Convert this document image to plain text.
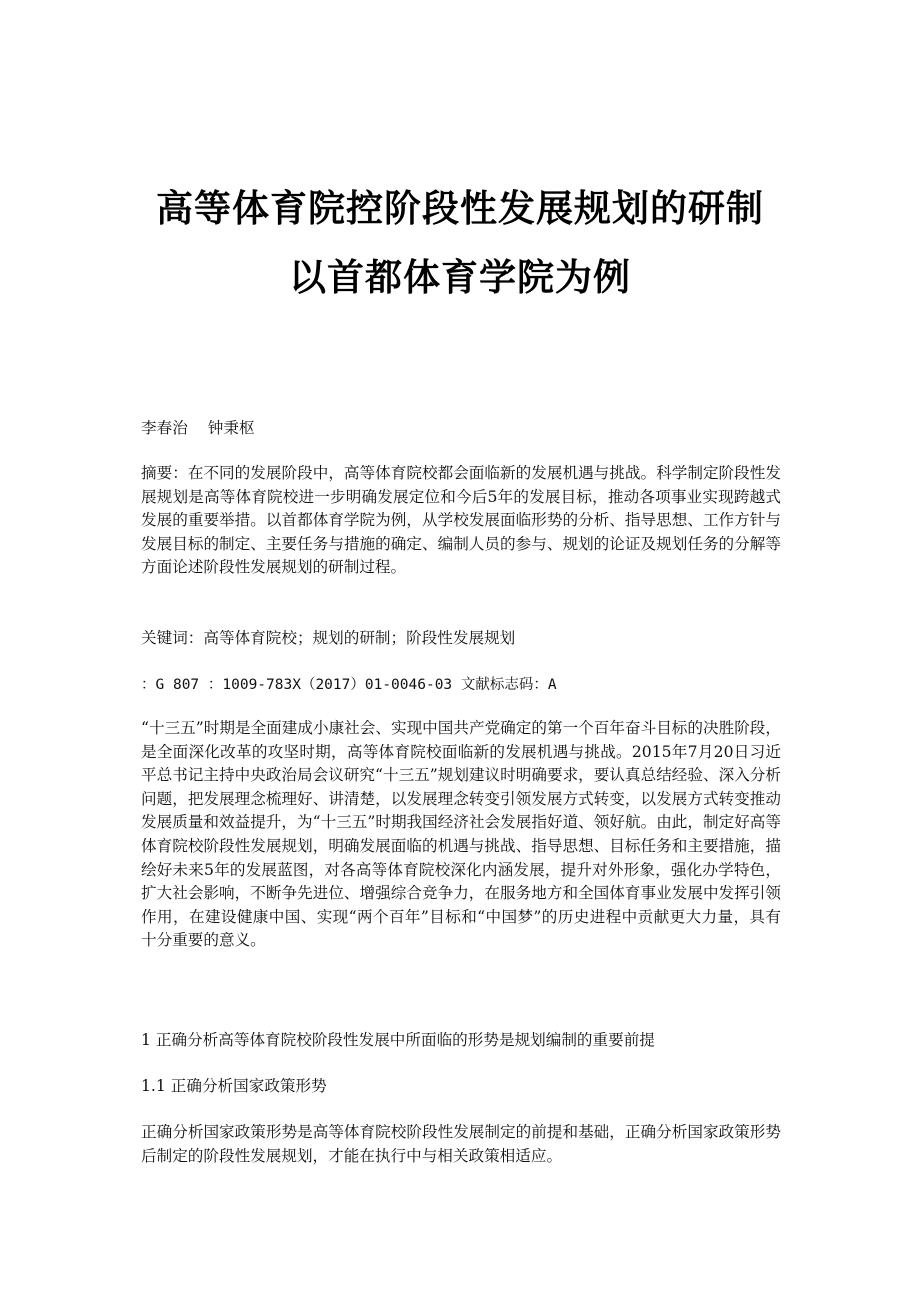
高等体育院控阶段性发展规划的研制
以首都体育学院为例
李春治 钟秉枢
摘要：在不同的发展阶段中，高等体育院校都会面临新的发展机遇与挑战。科学制定阶段性发展规划是高等体育院校进一步明确发展定位和今后5年的发展目标，推动各项事业实现跨越式发展的重要举措。以首都体育学院为例，从学校发展面临形势的分析、指导思想、工作方针与发展目标的制定、主要任务与措施的确定、编制人员的参与、规划的论证及规划任务的分解等方面论述阶段性发展规划的研制过程。
关键词：高等体育院校；规划的研制；阶段性发展规划
：G 807 ：1009-783X（2017）01-0046-03 文献标志码：A
“十三五”时期是全面建成小康社会、实现中国共产党确定的第一个百年奋斗目标的决胜阶段，是全面深化改革的攻坚时期，高等体育院校面临新的发展机遇与挑战。2015年7月20日习近平总书记主持中央政治局会议研究“十三五”规划建议时明确要求，要认真总结经验、深入分析问题，把发展理念梳理好、讲清楚，以发展理念转变引领发展方式转变，以发展方式转变推动发展质量和效益提升，为“十三五”时期我国经济社会发展指好道、领好航。由此，制定好高等体育院校阶段性发展规划，明确发展面临的机遇与挑战、指导思想、目标任务和主要措施，描绘好未来5年的发展蓝图，对各高等体育院校深化内涵发展，提升对外形象，强化办学特色，扩大社会影响，不断争先进位、增强综合竞争力，在服务地方和全国体育事业发展中发挥引领作用，在建设健康中国、实现“两个百年”目标和“中国梦”的历史进程中贡献更大力量，具有十分重要的意义。
1 正确分析高等体育院校阶段性发展中所面临的形势是规划编制的重要前提
1.1 正确分析国家政策形势
正确分析国家政策形势是高等体育院校阶段性发展制定的前提和基础，正确分析国家政策形势后制定的阶段性发展规划，才能在执行中与相关政策相适应。
